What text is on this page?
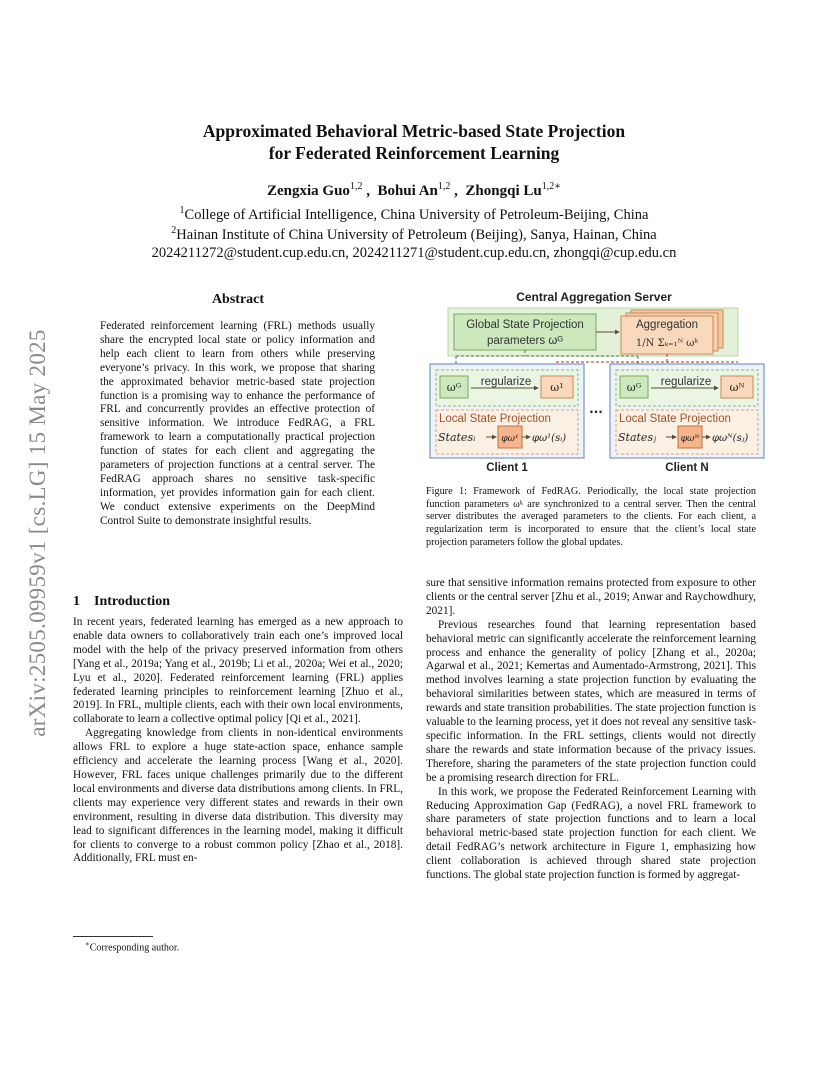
arXiv:2505.09959v1 [cs.LG] 15 May 2025
Approximated Behavioral Metric-based State Projection
for Federated Reinforcement Learning
Zengxia Guo$^{1,2}$ ,  Bohui An$^{1,2}$ ,  Zhongqi $Lu^{1,2∗}$
$^1$College of Artificial Intelligence, China University of Petroleum-Beijing, China
$^2$Hainan Institute of China University of Petroleum (Beijing), Sanya, Hainan, China
2024211272@student.cup.edu.cn, 2024211271@student.cup.edu.cn, zhongqi@cup.edu.cn
Abstract
Federated reinforcement learning (FRL) methods usually share the encrypted local state or policy information and help each client to learn from others while preserving everyone’s privacy. In this work, we propose that sharing the approximated behavior metric-based state projection function is a promising way to enhance the performance of FRL and concurrently provides an effective protection of sensitive information. We introduce FedRAG, a FRL framework to learn a computationally practical projection function of states for each client and aggregating the parameters of projection functions at a central server. The FedRAG approach shares no sensitive task-specific information, yet provides information gain for each client. We conduct extensive experiments on the DeepMind Control Suite to demonstrate insightful results.
1 Introduction

In recent years, federated learning has emerged as a new approach to enable data owners to collaboratively train each one’s improved local model with the help of the privacy preserved information from others [Yang et al., 2019a; Yang et al., 2019b; Li et al., 2020a; Wei et al., 2020; Lyu et al., 2020]. Federated reinforcement learning (FRL) applies federated learning principles to reinforcement learning [Zhuo et al., 2019]. In FRL, multiple clients, each with their own local environments, collaborate to learn a collective optimal policy [Qi et al., 2021].

Aggregating knowledge from clients in non-identical environments allows FRL to explore a huge state-action space, enhance sample efficiency and accelerate the learning process [Wang et al., 2020]. However, FRL faces unique challenges primarily due to the different local environments and diverse data distributions among clients. In FRL, clients may experience very different states and rewards in their own environment, resulting in diverse data distribution. This diversity may lead to significant differences in the learning model, making it difficult for clients to converge to a robust common policy [Zhao et al., 2018]. Additionally, FRL must en-

∗Corresponding author.
Central Aggregation Server
Global State Projection
parameters ωᴳ
Aggregation
1/N Σₖ₌₁ᴺ ωᵏ
ωᴳ regularize ω¹
Local State Projection
Statesᵢ	φω¹ φω¹(sᵢ)
Client 1
···
ωᴳ regularize ωᴺ
Local State Projection
Statesⱼ	φωᴺ φωᴺ(sⱼ)
Client N
Figure 1: Framework of FedRAG. Periodically, the local state projection function parameters ωᵏ are synchronized to a central server. Then the central server distributes the averaged parameters to the clients. For each client, a regularization term is incorporated to ensure that the client’s local state projection parameters follow the global updates.

sure that sensitive information remains protected from exposure to other clients or the central server [Zhu et al., 2019; Anwar and Raychowdhury, 2021].

Previous researches found that learning representation based behavioral metric can significantly accelerate the reinforcement learning process and enhance the generality of policy [Zhang et al., 2020a; Agarwal et al., 2021; Kemertas and Aumentado-Armstrong, 2021]. This method involves learning a state projection function by evaluating the behavioral similarities between states, which are measured in terms of rewards and state transition probabilities. The state projection function is valuable to the learning process, yet it does not reveal any sensitive task-specific information. In the FRL settings, clients would not directly share the rewards and state information because of the privacy issues. Therefore, sharing the parameters of the state projection function could be a promising research direction for FRL.

In this work, we propose the Federated Reinforcement Learning with Reducing Approximation Gap (FedRAG), a novel FRL framework to share parameters of state projection functions and to learn a local behavioral metric-based state projection function for each client. We detail FedRAG’s network architecture in Figure 1, emphasizing how client collaboration is achieved through shared state projection functions. The global state projection function is formed by aggregat-
